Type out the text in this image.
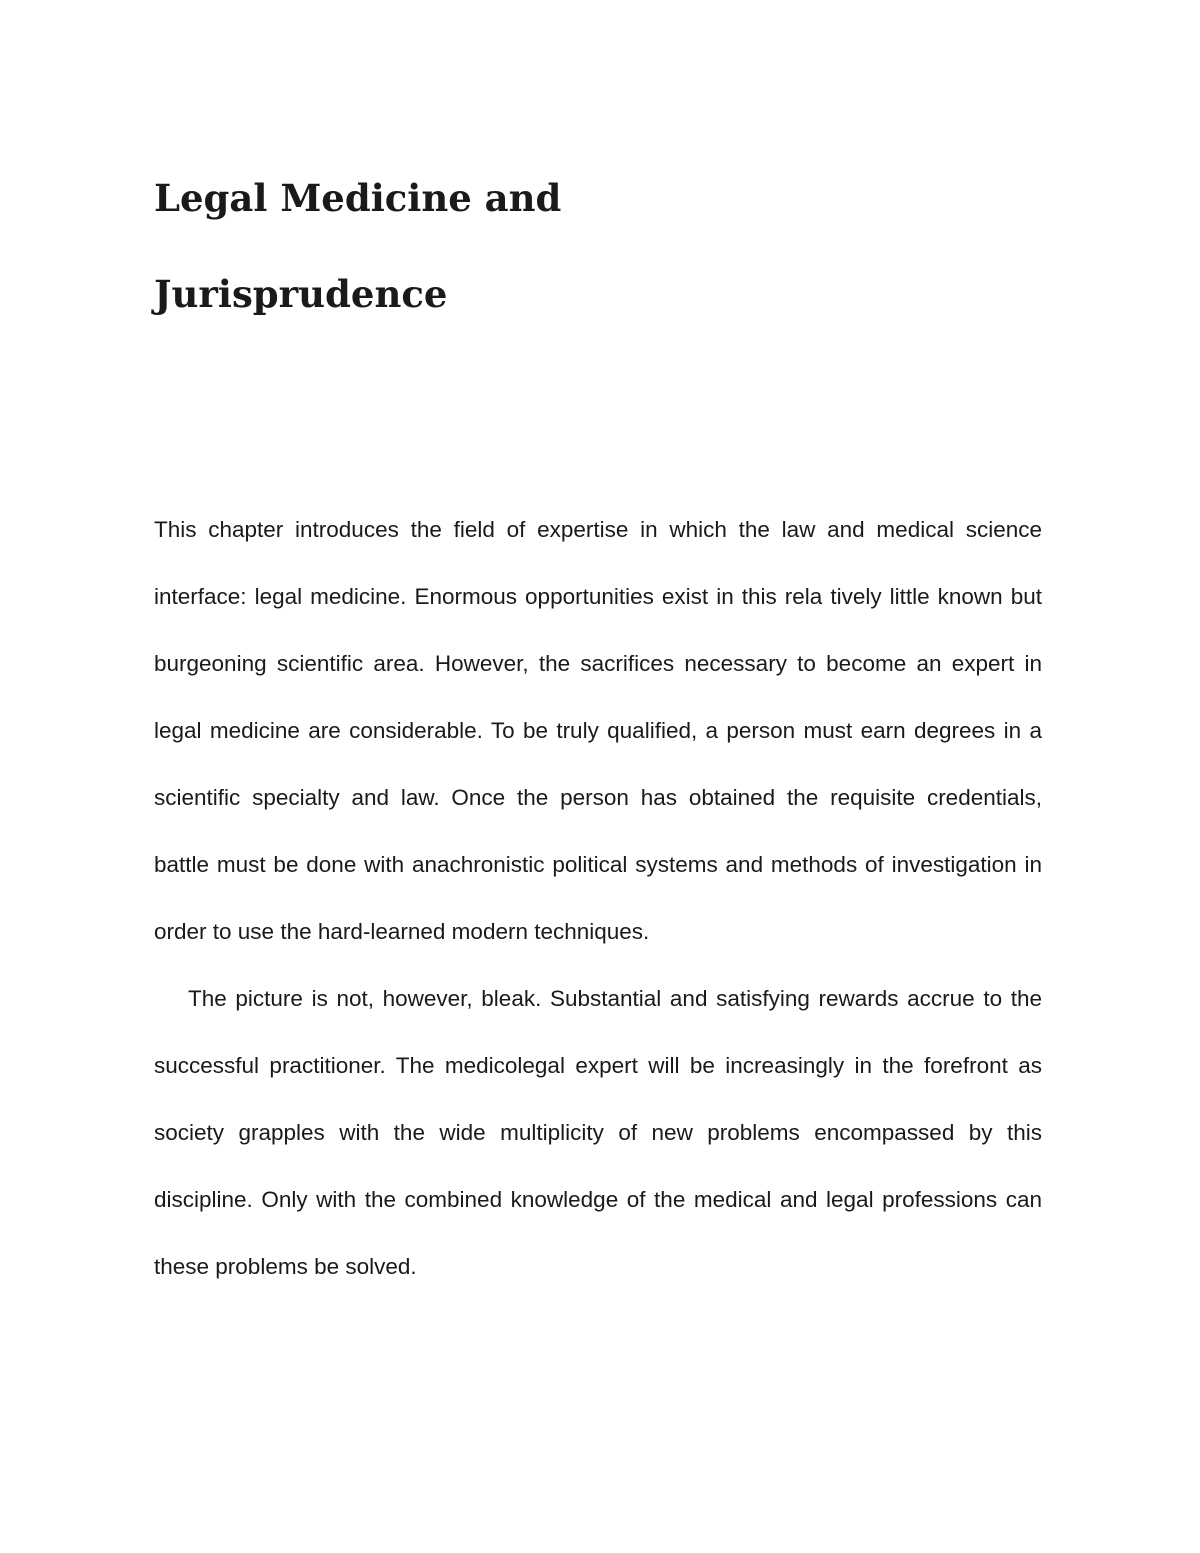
Legal Medicine and
Jurisprudence

This chapter introduces the field of expertise in which the law and medical science interface: legal medicine. Enormous opportunities exist in this rela tively little known but burgeoning scientific area. However, the sacrifices necessary to become an expert in legal medicine are considerable. To be truly qualified, a person must earn degrees in a scientific specialty and law. Once the person has obtained the requisite credentials, battle must be done with anachronistic political systems and methods of investigation in order to use the hard-learned modern techniques.

The picture is not, however, bleak. Substantial and satisfying rewards accrue to the successful practitioner. The medicolegal expert will be increasingly in the forefront as society grapples with the wide multiplicity of new problems encompassed by this discipline. Only with the combined knowledge of the medical and legal professions can these problems be solved.
